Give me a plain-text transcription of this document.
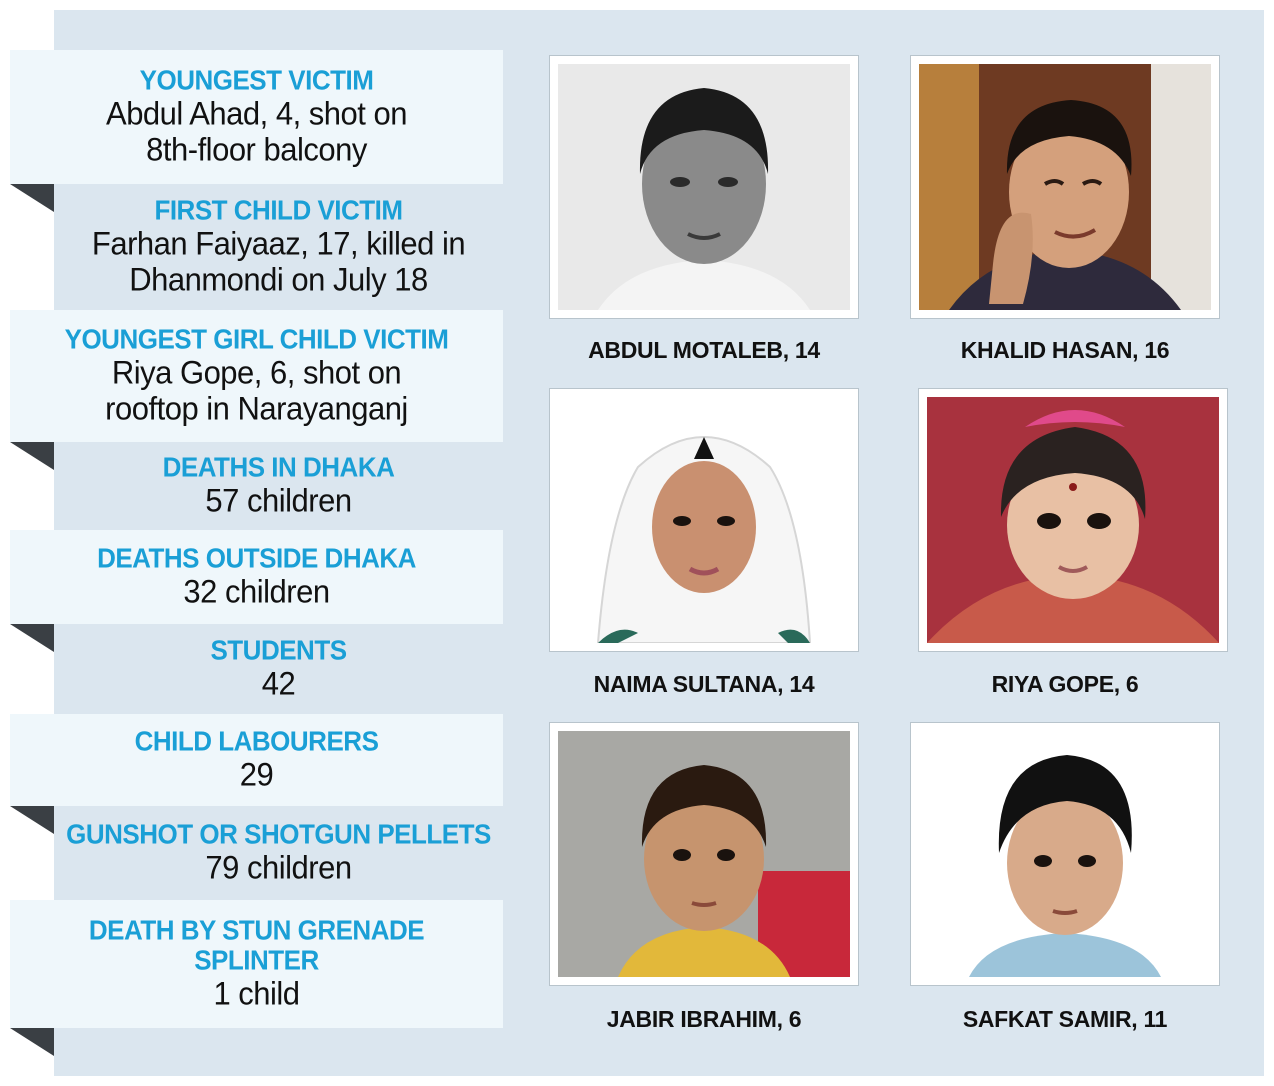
YOUNGEST VICTIM
Abdul Ahad, 4, shot on
8th-floor balcony
FIRST CHILD VICTIM
Farhan Faiyaaz, 17, killed in
Dhanmondi on July 18
YOUNGEST GIRL CHILD VICTIM
Riya Gope, 6, shot on
rooftop in Narayanganj
DEATHS IN DHAKA
57 children
DEATHS OUTSIDE DHAKA
32 children
STUDENTS
42
CHILD LABOURERS
29
GUNSHOT OR SHOTGUN PELLETS
79 children
DEATH BY STUN GRENADE
SPLINTER
1 child
ABDUL MOTALEB, 14	KHALID HASAN, 16
NAIMA SULTANA, 14	RIYA GOPE, 6
JABIR IBRAHIM, 6	SAFKAT SAMIR, 11
